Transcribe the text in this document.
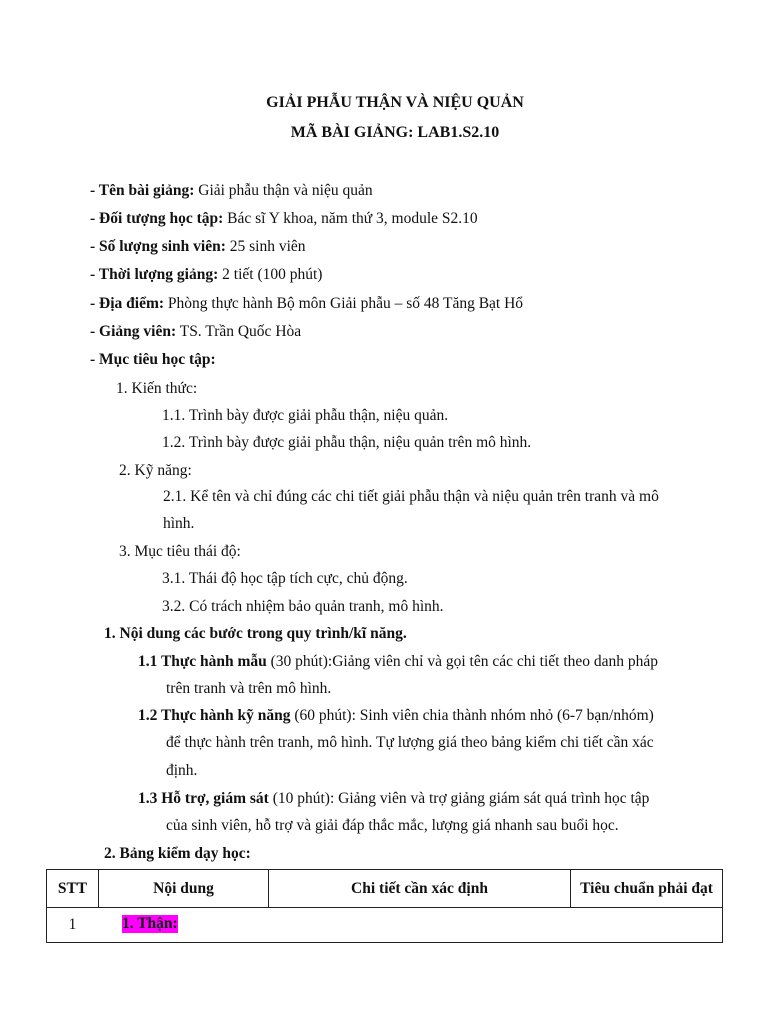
GIẢI PHẪU THẬN VÀ NIỆU QUẢN
MÃ BÀI GIẢNG: LAB1.S2.10
- Tên bài giảng: Giải phẫu thận và niệu quản
- Đối tượng học tập: Bác sĩ Y khoa, năm thứ 3, module S2.10
- Số lượng sinh viên: 25 sinh viên
- Thời lượng giảng: 2 tiết (100 phút)
- Địa điểm: Phòng thực hành Bộ môn Giải phẫu – số 48 Tăng Bạt Hổ
- Giảng viên: TS. Trần Quốc Hòa
- Mục tiêu học tập:
1. Kiến thức:
1.1. Trình bày được giải phẫu thận, niệu quản.
1.2. Trình bày được giải phẫu thận, niệu quản trên mô hình.
2. Kỹ năng:
2.1. Kể tên và chỉ đúng các chi tiết giải phẫu thận và niệu quản trên tranh và mô
hình.
3. Mục tiêu thái độ:
3.1. Thái độ học tập tích cực, chủ động.
3.2. Có trách nhiệm bảo quản tranh, mô hình.
1. Nội dung các bước trong quy trình/kĩ năng.
1.1 Thực hành mẫu (30 phút):Giảng viên chỉ và gọi tên các chi tiết theo danh pháp
trên tranh và trên mô hình.
1.2 Thực hành kỹ năng (60 phút): Sinh viên chia thành nhóm nhỏ (6-7 bạn/nhóm)
để thực hành trên tranh, mô hình. Tự lượng giá theo bảng kiểm chi tiết cần xác
định.
1.3 Hỗ trợ, giám sát (10 phút): Giảng viên và trợ giảng giám sát quá trình học tập
của sinh viên, hỗ trợ và giải đáp thắc mắc, lượng giá nhanh sau buổi học.
2. Bảng kiểm dạy học:
STT	Nội dung	Chi tiết cần xác định	Tiêu chuẩn phải đạt

1	1. Thận:
